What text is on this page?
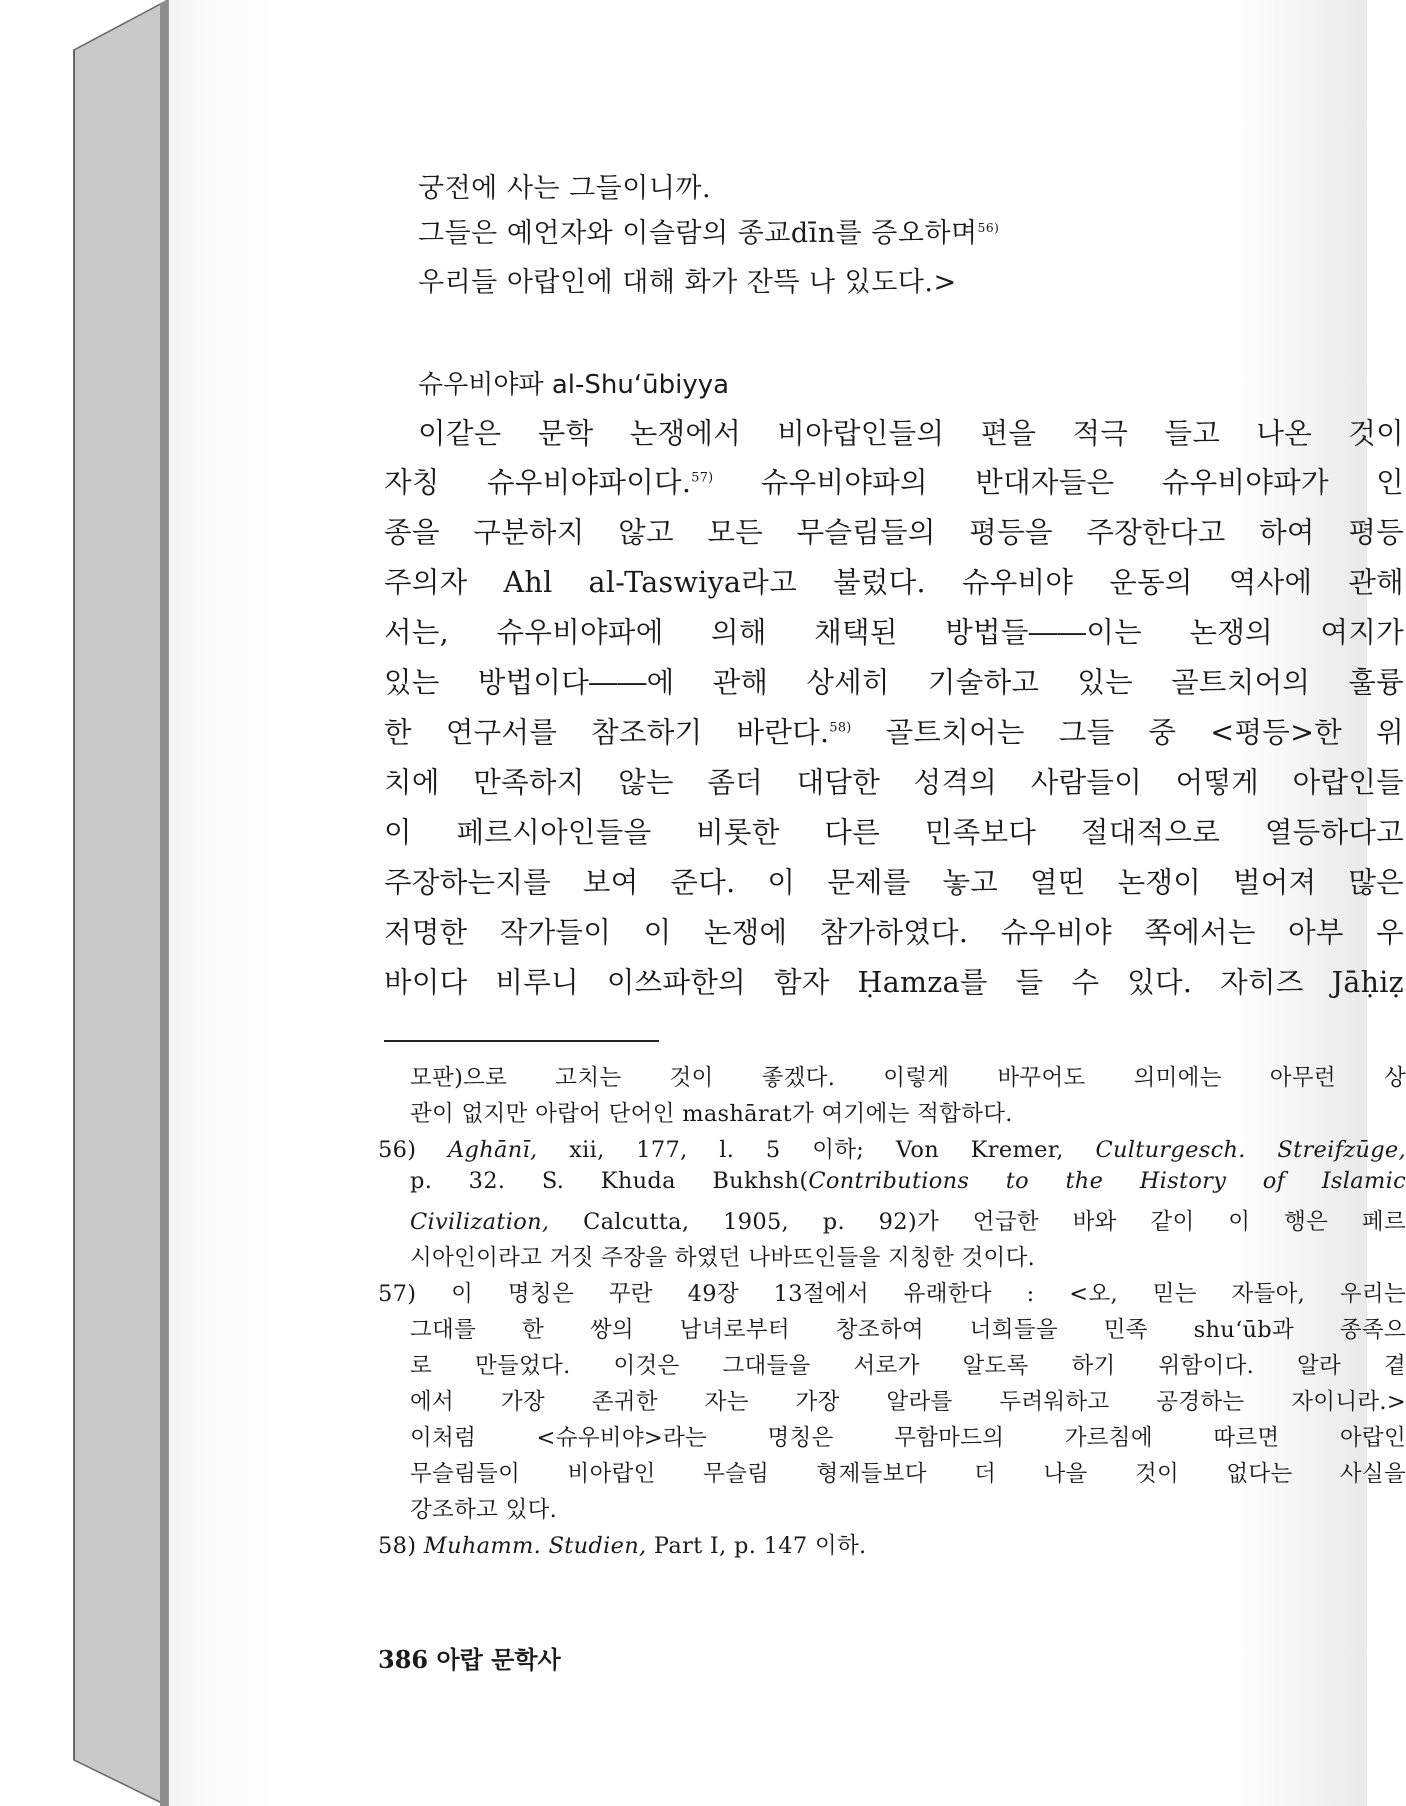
궁전에 사는 그들이니까.
그들은 예언자와 이슬람의 종교dīn를 증오하며$^{56)}$
우리들 아랍인에 대해 화가 잔뜩 나 있도다.>
슈우비야파 al-Shu‘ūbiyya
이같은 문학 논쟁에서 비아랍인들의 편을 적극 들고 나온 것이
자칭 슈우비야파이다.$^{57)}$ 슈우비야파의 반대자들은 슈우비야파가 인
종을 구분하지 않고 모든 무슬림들의 평등을 주장한다고 하여 평등
주의자 Ahl al-Taswiya라고 불렀다. 슈우비야 운동의 역사에 관해
서는, 슈우비야파에 의해 채택된 방법들――이는 논쟁의 여지가
있는 방법이다――에 관해 상세히 기술하고 있는 골트치어의 훌륭
한 연구서를 참조하기 바란다.$^{58)}$ 골트치어는 그들 중 <평등>한 위
치에 만족하지 않는 좀더 대담한 성격의 사람들이 어떻게 아랍인들
이 페르시아인들을 비롯한 다른 민족보다 절대적으로 열등하다고
주장하는지를 보여 준다. 이 문제를 놓고 열띤 논쟁이 벌어져 많은
저명한 작가들이 이 논쟁에 참가하였다. 슈우비야 쪽에서는 아부 우
바이다 비루니 이쓰파한의 함자 Ḥamza를 들 수 있다. 자히즈 Jāḥiẓ
모판)으로 고치는 것이 좋겠다. 이렇게 바꾸어도 의미에는 아무런 상
관이 없지만 아랍어 단어인 mashārat가 여기에는 적합하다.
56) Aghānī, xii, 177, l. 5 이하; Von Kremer, Culturgesch. Streifzūge,
p. 32. S. Khuda Bukhsh(Contributions to the History of Islamic
Civilization, Calcutta, 1905, p. 92)가 언급한 바와 같이 이 행은 페르
시아인이라고 거짓 주장을 하였던 나바뜨인들을 지칭한 것이다.
57) 이 명칭은 꾸란 49장 13절에서 유래한다 : <오, 믿는 자들아, 우리는
그대를 한 쌍의 남녀로부터 창조하여 너희들을 민족 shu‘ūb과 종족으
로 만들었다. 이것은 그대들을 서로가 알도록 하기 위함이다. 알라 곁
에서 가장 존귀한 자는 가장 알라를 두려워하고 공경하는 자이니라.>
이처럼 <슈우비야>라는 명칭은 무함마드의 가르침에 따르면 아랍인
무슬림들이 비아랍인 무슬림 형제들보다 더 나을 것이 없다는 사실을
강조하고 있다.
58) Muhamm. Studien, Part Ⅰ, p. 147 이하.
386 아랍 문학사
